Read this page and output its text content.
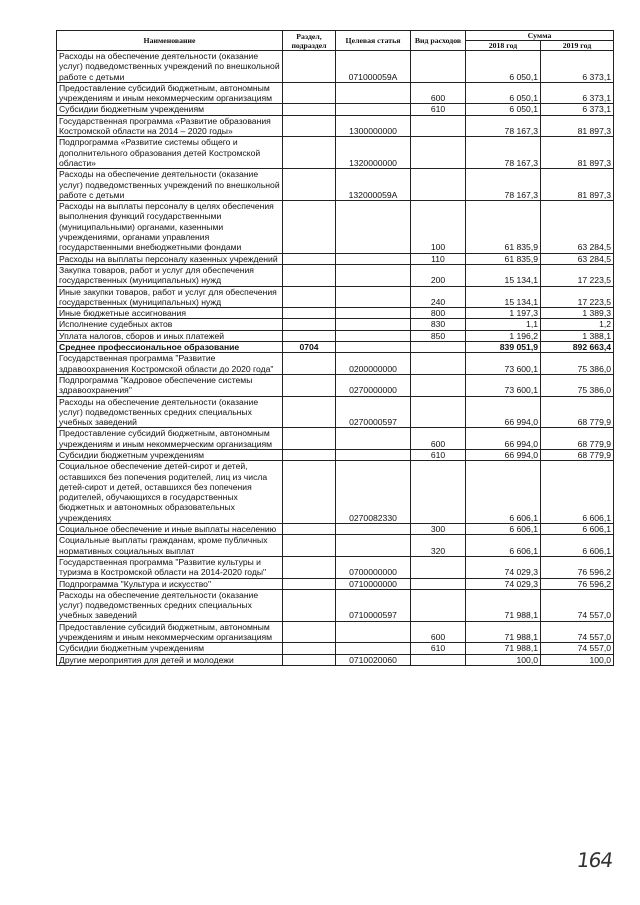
Наименование	Раздел, подраздел	Целевая статья	Вид расходов	Сумма	
				2018 год	2019 год
Расходы на обеспечение деятельности (оказание услуг) подведомственных учреждений по внешкольной работе с детьми		071000059А		6 050,1	6 373,1
Предоставление субсидий бюджетным, автономным учреждениям и иным некоммерческим организациям			600	6 050,1	6 373,1
Субсидии бюджетным учреждениям			610	6 050,1	6 373,1
Государственная программа «Развитие образования Костромской области на 2014 – 2020 годы»		1300000000		78 167,3	81 897,3
Подпрограмма «Развитие системы общего и дополнительного образования детей Костромской области»		1320000000		78 167,3	81 897,3
Расходы на обеспечение деятельности (оказание услуг) подведомственных учреждений по внешкольной работе с детьми		132000059А		78 167,3	81 897,3
Расходы на выплаты персоналу в целях обеспечения выполнения функций государственными (муниципальными) органами, казенными учреждениями, органами управления государственными внебюджетными фондами			100	61 835,9	63 284,5
Расходы на выплаты персоналу казенных учреждений			110	61 835,9	63 284,5
Закупка товаров, работ и услуг для обеспечения государственных (муниципальных) нужд			200	15 134,1	17 223,5
Иные закупки товаров, работ и услуг для обеспечения государственных (муниципальных) нужд			240	15 134,1	17 223,5
Иные бюджетные ассигнования			800	1 197,3	1 389,3
Исполнение судебных актов			830	1,1	1,2
Уплата налогов, сборов и иных платежей			850	1 196,2	1 388,1
Среднее профессиональное образование	0704			839 051,9	892 663,4
Государственная программа "Развитие здравоохранения Костромской области до 2020 года"		0200000000		73 600,1	75 386,0
Подпрограмма "Кадровое обеспечение системы здравоохранения"		0270000000		73 600,1	75 386,0
Расходы на обеспечение деятельности (оказание услуг) подведомственных средних специальных учебных заведений		0270000597		66 994,0	68 779,9
Предоставление субсидий бюджетным, автономным учреждениям и иным некоммерческим организациям			600	66 994,0	68 779,9
Субсидии бюджетным учреждениям			610	66 994,0	68 779,9
Социальное обеспечение детей-сирот и детей, оставшихся без попечения родителей, лиц из числа детей-сирот и детей, оставшихся без попечения родителей, обучающихся в государственных бюджетных и автономных образовательных учреждениях		0270082330		6 606,1	6 606,1
Социальное обеспечение и иные выплаты населению			300	6 606,1	6 606,1
Социальные выплаты гражданам, кроме публичных нормативных социальных выплат			320	6 606,1	6 606,1
Государственная программа "Развитие культуры и туризма в Костромской области на 2014-2020 годы"		0700000000		74 029,3	76 596,2
Подпрограмма "Культура и искусство"		0710000000		74 029,3	76 596,2
Расходы на обеспечение деятельности (оказание услуг) подведомственных средних специальных учебных заведений		0710000597		71 988,1	74 557,0
Предоставление субсидий бюджетным, автономным учреждениям и иным некоммерческим организациям			600	71 988,1	74 557,0
Субсидии бюджетным учреждениям			610	71 988,1	74 557,0
Другие мероприятия для детей и молодежи		0710020060		100,0	100,0
164
